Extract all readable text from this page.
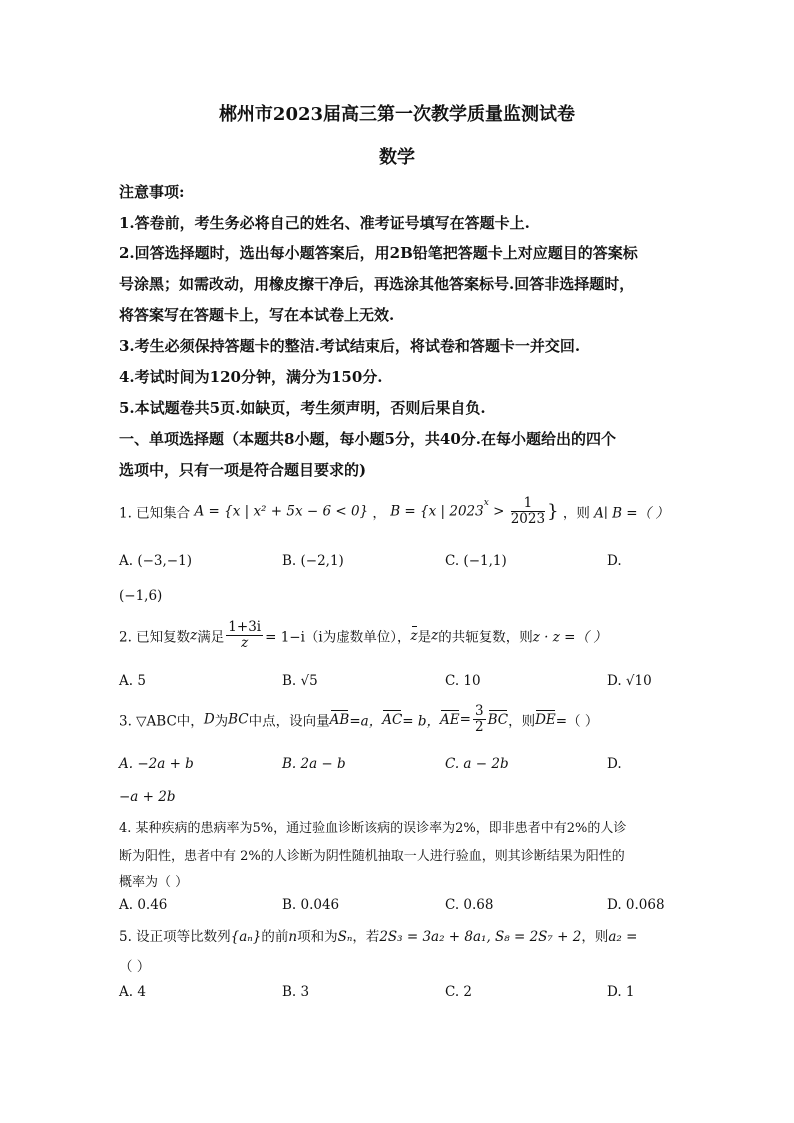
郴州市2023届高三第一次教学质量监测试卷
数学
注意事项:
1.答卷前，考生务必将自己的姓名、准考证号填写在答题卡上.
2.回答选择题时，选出每小题答案后，用2B铅笔把答题卡上对应题目的答案标
号涂黑；如需改动，用橡皮擦干净后，再选涂其他答案标号.回答非选择题时，
将答案写在答题卡上，写在本试卷上无效.
3.考生必须保持答题卡的整洁.考试结束后，将试卷和答题卡一并交回.
4.考试时间为120分钟，满分为150分.
5.本试题卷共5页.如缺页，考生须声明，否则后果自负.
一、单项选择题（本题共8小题，每小题5分，共40分.在每小题给出的四个
选项中，只有一项是符合题目要求的)
1. 已知集合 A = {x | x² + 5x − 6 < 0} ， B = {x | $2023^x > \frac{1}{2023}$ } ，则 A∣ B =（ ）
A. (−3,−1)	B. (−2,1)	C. (−1,1)	D.
(−1,6)
2. 已知复数z满足 $\frac{1+3i}{z} = 1-i(i$为虚数单位），z是z的共轭复数，则z · z =（ ）
A. 5	B. √5	C. 10	D. √10
3. ▽ABC中，D为BC中点，设向量AB=a，AC= b，$AE= \frac{3}{2}$ BC，则DE=（ ）
A. −2a + b	B. 2a − b	C. a − 2b	D.
−a + 2b
4. 某种疾病的患病率为5%，通过验血诊断该病的误诊率为2%，即非患者中有2%的人诊
断为阳性，患者中有 2%的人诊断为阴性随机抽取一人进行验血，则其诊断结果为阳性的
概率为（ ）
A. 0.46	B. 0.046	C. 0.68	D. 0.068
5. 设正项等比数列{aₙ}的前n项和为Sₙ，若2S₃ = 3a₂ + 8a₁, S₈ = 2S₇ + 2，则a₂ =
（ ）
A. 4	B. 3	C. 2	D. 1
